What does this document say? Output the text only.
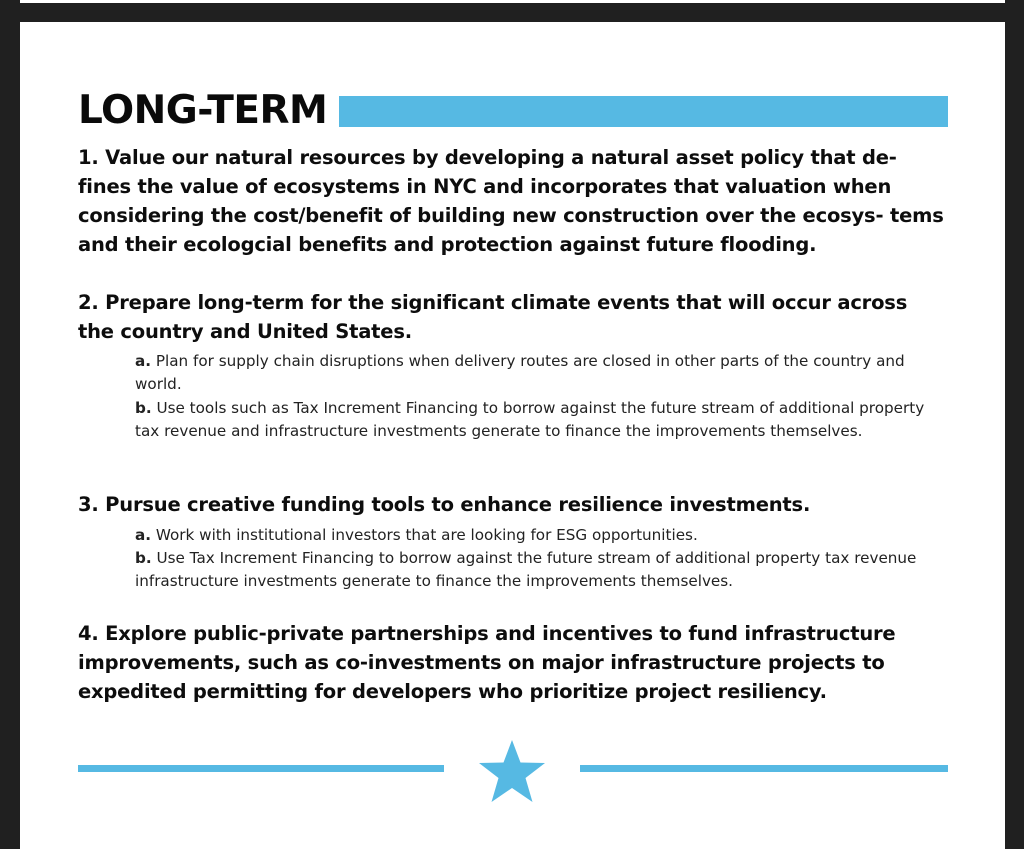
LONG-TERM
1. Value our natural resources by developing a natural asset policy that de- fines the value of ecosystems in NYC and incorporates that valuation when considering the cost/benefit of building new construction over the ecosys- tems and their ecologcial benefits and protection against future flooding.
2. Prepare long-term for the significant climate events that will occur across the country and United States.
a. Plan for supply chain disruptions when delivery routes are closed in other parts of the country and world.
b. Use tools such as Tax Increment Financing to borrow against the future stream of additional property tax revenue and infrastructure investments generate to finance the improvements themselves.
3. Pursue creative funding tools to enhance resilience investments.
a. Work with institutional investors that are looking for ESG opportunities.
b. Use Tax Increment Financing to borrow against the future stream of additional property tax revenue infrastructure investments generate to finance the improvements themselves.
4. Explore public-private partnerships and incentives to fund infrastructure improvements, such as co-investments on major infrastructure projects to expedited permitting for developers who prioritize project resiliency.
